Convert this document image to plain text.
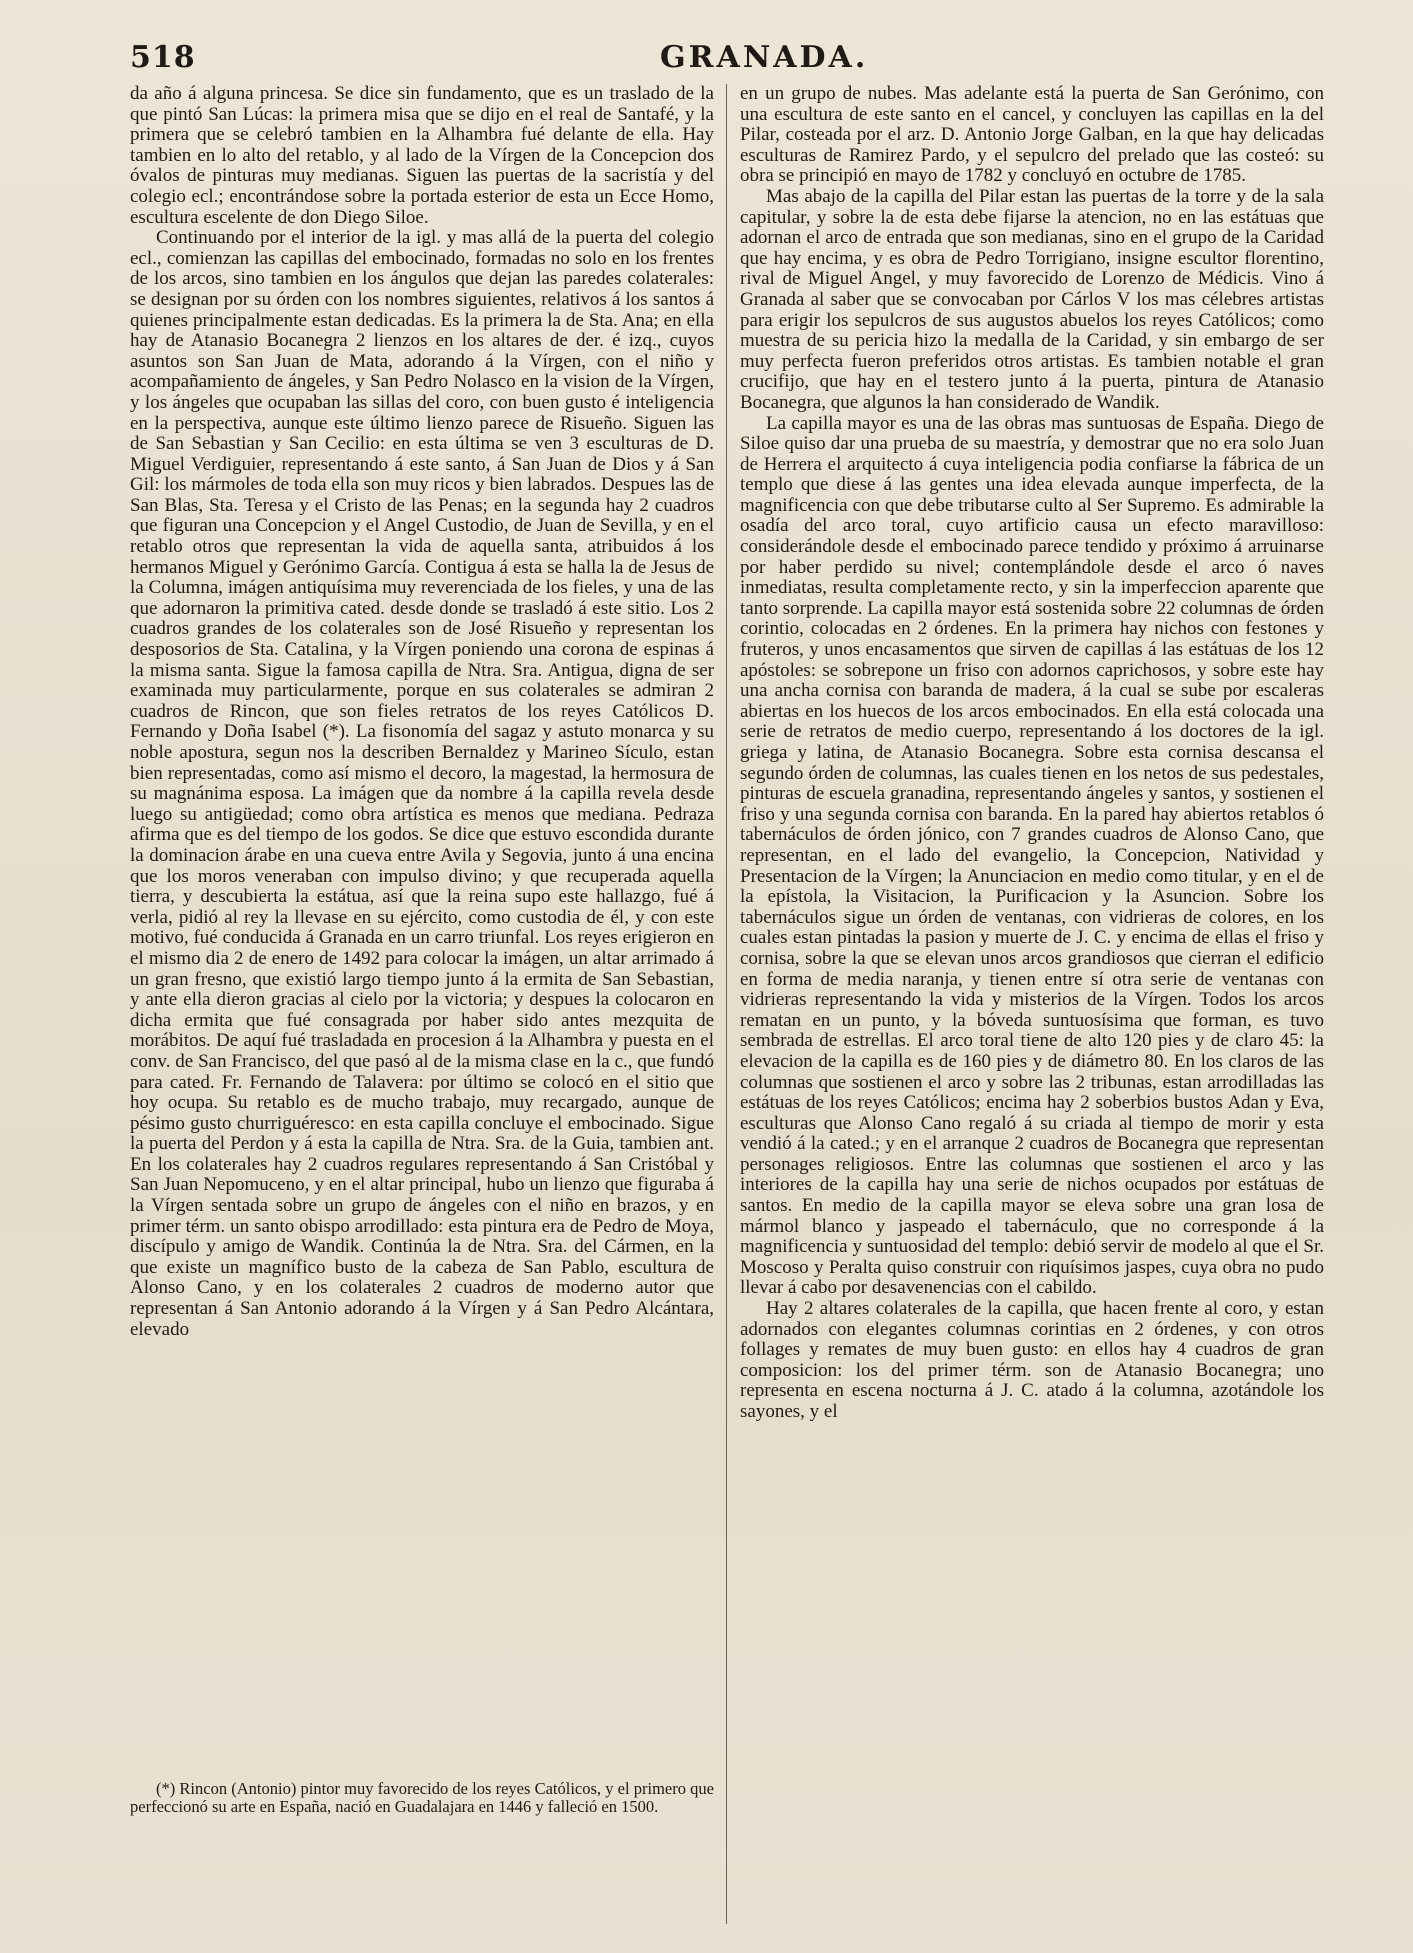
518	GRANADA.

da año á alguna princesa. Se dice sin fundamento, que es un traslado de la que pintó San Lúcas: la primera misa que se dijo en el real de Santafé, y la primera que se celebró tambien en la Alhambra fué delante de ella. Hay tambien en lo alto del retablo, y al lado de la Vírgen de la Concepcion dos óvalos de pinturas muy medianas. Siguen las puertas de la sacristía y del colegio ecl.; encontrándose sobre la portada esterior de esta un Ecce Homo, escultura escelente de don Diego Siloe.

Continuando por el interior de la igl. y mas allá de la puerta del colegio ecl., comienzan las capillas del embocinado, formadas no solo en los frentes de los arcos, sino tambien en los ángulos que dejan las paredes colaterales: se designan por su órden con los nombres siguientes, relativos á los santos á quienes principalmente estan dedicadas. Es la primera la de Sta. Ana; en ella hay de Atanasio Bocanegra 2 lienzos en los altares de der. é izq., cuyos asuntos son San Juan de Mata, adorando á la Vírgen, con el niño y acompañamiento de ángeles, y San Pedro Nolasco en la vision de la Vírgen, y los ángeles que ocupaban las sillas del coro, con buen gusto é inteligencia en la perspectiva, aunque este último lienzo parece de Risueño. Siguen las de San Sebastian y San Cecilio: en esta última se ven 3 esculturas de D. Miguel Verdiguier, representando á este santo, á San Juan de Dios y á San Gil: los mármoles de toda ella son muy ricos y bien labrados. Despues las de San Blas, Sta. Teresa y el Cristo de las Penas; en la segunda hay 2 cuadros que figuran una Concepcion y el Angel Custodio, de Juan de Sevilla, y en el retablo otros que representan la vida de aquella santa, atribuidos á los hermanos Miguel y Gerónimo García. Contigua á esta se halla la de Jesus de la Columna, imágen antiquísima muy reverenciada de los fieles, y una de las que adornaron la primitiva cated. desde donde se trasladó á este sitio. Los 2 cuadros grandes de los colaterales son de José Risueño y representan los desposorios de Sta. Catalina, y la Vírgen poniendo una corona de espinas á la misma santa. Sigue la famosa capilla de Ntra. Sra. Antigua, digna de ser examinada muy particularmente, porque en sus colaterales se admiran 2 cuadros de Rincon, que son fieles retratos de los reyes Católicos D. Fernando y Doña Isabel (*). La fisonomía del sagaz y astuto monarca y su noble apostura, segun nos la describen Bernaldez y Marineo Sículo, estan bien representadas, como así mismo el decoro, la magestad, la hermosura de su magnánima esposa. La imágen que da nombre á la capilla revela desde luego su antigüedad; como obra artística es menos que mediana. Pedraza afirma que es del tiempo de los godos. Se dice que estuvo escondida durante la dominacion árabe en una cueva entre Avila y Segovia, junto á una encina que los moros veneraban con impulso divino; y que recuperada aquella tierra, y descubierta la estátua, así que la reina supo este hallazgo, fué á verla, pidió al rey la llevase en su ejército, como custodia de él, y con este motivo, fué conducida á Granada en un carro triunfal. Los reyes erigieron en el mismo dia 2 de enero de 1492 para colocar la imágen, un altar arrimado á un gran fresno, que existió largo tiempo junto á la ermita de San Sebastian, y ante ella dieron gracias al cielo por la victoria; y despues la colocaron en dicha ermita que fué consagrada por haber sido antes mezquita de morábitos. De aquí fué trasladada en procesion á la Alhambra y puesta en el conv. de San Francisco, del que pasó al de la misma clase en la c., que fundó para cated. Fr. Fernando de Talavera: por último se colocó en el sitio que hoy ocupa. Su retablo es de mucho trabajo, muy recargado, aunque de pésimo gusto churriguéresco: en esta capilla concluye el embocinado. Sigue la puerta del Perdon y á esta la capilla de Ntra. Sra. de la Guia, tambien ant. En los colaterales hay 2 cuadros regulares representando á San Cristóbal y San Juan Nepomuceno, y en el altar principal, hubo un lienzo que figuraba á la Vírgen sentada sobre un grupo de ángeles con el niño en brazos, y en primer térm. un santo obispo arrodillado: esta pintura era de Pedro de Moya, discípulo y amigo de Wandik. Continúa la de Ntra. Sra. del Cármen, en la que existe un magnífico busto de la cabeza de San Pablo, escultura de Alonso Cano, y en los colaterales 2 cuadros de moderno autor que representan á San Antonio adorando á la Vírgen y á San Pedro Alcántara, elevado

en un grupo de nubes. Mas adelante está la puerta de San Gerónimo, con una escultura de este santo en el cancel, y concluyen las capillas en la del Pilar, costeada por el arz. D. Antonio Jorge Galban, en la que hay delicadas esculturas de Ramirez Pardo, y el sepulcro del prelado que las costeó: su obra se principió en mayo de 1782 y concluyó en octubre de 1785.

Mas abajo de la capilla del Pilar estan las puertas de la torre y de la sala capitular, y sobre la de esta debe fijarse la atencion, no en las estátuas que adornan el arco de entrada que son medianas, sino en el grupo de la Caridad que hay encima, y es obra de Pedro Torrigiano, insigne escultor florentino, rival de Miguel Angel, y muy favorecido de Lorenzo de Médicis. Vino á Granada al saber que se convocaban por Cárlos V los mas célebres artistas para erigir los sepulcros de sus augustos abuelos los reyes Católicos; como muestra de su pericia hizo la medalla de la Caridad, y sin embargo de ser muy perfecta fueron preferidos otros artistas. Es tambien notable el gran crucifijo, que hay en el testero junto á la puerta, pintura de Atanasio Bocanegra, que algunos la han considerado de Wandik.

La capilla mayor es una de las obras mas suntuosas de España. Diego de Siloe quiso dar una prueba de su maestría, y demostrar que no era solo Juan de Herrera el arquitecto á cuya inteligencia podia confiarse la fábrica de un templo que diese á las gentes una idea elevada aunque imperfecta, de la magnificencia con que debe tributarse culto al Ser Supremo. Es admirable la osadía del arco toral, cuyo artificio causa un efecto maravilloso: considerándole desde el embocinado parece tendido y próximo á arruinarse por haber perdido su nivel; contemplándole desde el arco ó naves inmediatas, resulta completamente recto, y sin la imperfeccion aparente que tanto sorprende. La capilla mayor está sostenida sobre 22 columnas de órden corintio, colocadas en 2 órdenes. En la primera hay nichos con festones y fruteros, y unos encasamentos que sirven de capillas á las estátuas de los 12 apóstoles: se sobrepone un friso con adornos caprichosos, y sobre este hay una ancha cornisa con baranda de madera, á la cual se sube por escaleras abiertas en los huecos de los arcos embocinados. En ella está colocada una serie de retratos de medio cuerpo, representando á los doctores de la igl. griega y latina, de Atanasio Bocanegra. Sobre esta cornisa descansa el segundo órden de columnas, las cuales tienen en los netos de sus pedestales, pinturas de escuela granadina, representando ángeles y santos, y sostienen el friso y una segunda cornisa con baranda. En la pared hay abiertos retablos ó tabernáculos de órden jónico, con 7 grandes cuadros de Alonso Cano, que representan, en el lado del evangelio, la Concepcion, Natividad y Presentacion de la Vírgen; la Anunciacion en medio como titular, y en el de la epístola, la Visitacion, la Purificacion y la Asuncion. Sobre los tabernáculos sigue un órden de ventanas, con vidrieras de colores, en los cuales estan pintadas la pasion y muerte de J. C. y encima de ellas el friso y cornisa, sobre la que se elevan unos arcos grandiosos que cierran el edificio en forma de media naranja, y tienen entre sí otra serie de ventanas con vidrieras representando la vida y misterios de la Vírgen. Todos los arcos rematan en un punto, y la bóveda suntuosísima que forman, es tuvo sembrada de estrellas. El arco toral tiene de alto 120 pies y de claro 45: la elevacion de la capilla es de 160 pies y de diámetro 80. En los claros de las columnas que sostienen el arco y sobre las 2 tribunas, estan arrodilladas las estátuas de los reyes Católicos; encima hay 2 soberbios bustos Adan y Eva, esculturas que Alonso Cano regaló á su criada al tiempo de morir y esta vendió á la cated.; y en el arranque 2 cuadros de Bocanegra que representan personages religiosos. Entre las columnas que sostienen el arco y las interiores de la capilla hay una serie de nichos ocupados por estátuas de santos. En medio de la capilla mayor se eleva sobre una gran losa de mármol blanco y jaspeado el tabernáculo, que no corresponde á la magnificencia y suntuosidad del templo: debió servir de modelo al que el Sr. Moscoso y Peralta quiso construir con riquísimos jaspes, cuya obra no pudo llevar á cabo por desavenencias con el cabildo.

Hay 2 altares colaterales de la capilla, que hacen frente al coro, y estan adornados con elegantes columnas corintias en 2 órdenes, y con otros follages y remates de muy buen gusto: en ellos hay 4 cuadros de gran composicion: los del primer térm. son de Atanasio Bocanegra; uno representa en escena nocturna á J. C. atado á la columna, azotándole los sayones, y el

(*) Rincon (Antonio) pintor muy favorecido de los reyes Católicos, y el primero que perfeccionó su arte en España, nació en Guadalajara en 1446 y falleció en 1500.
